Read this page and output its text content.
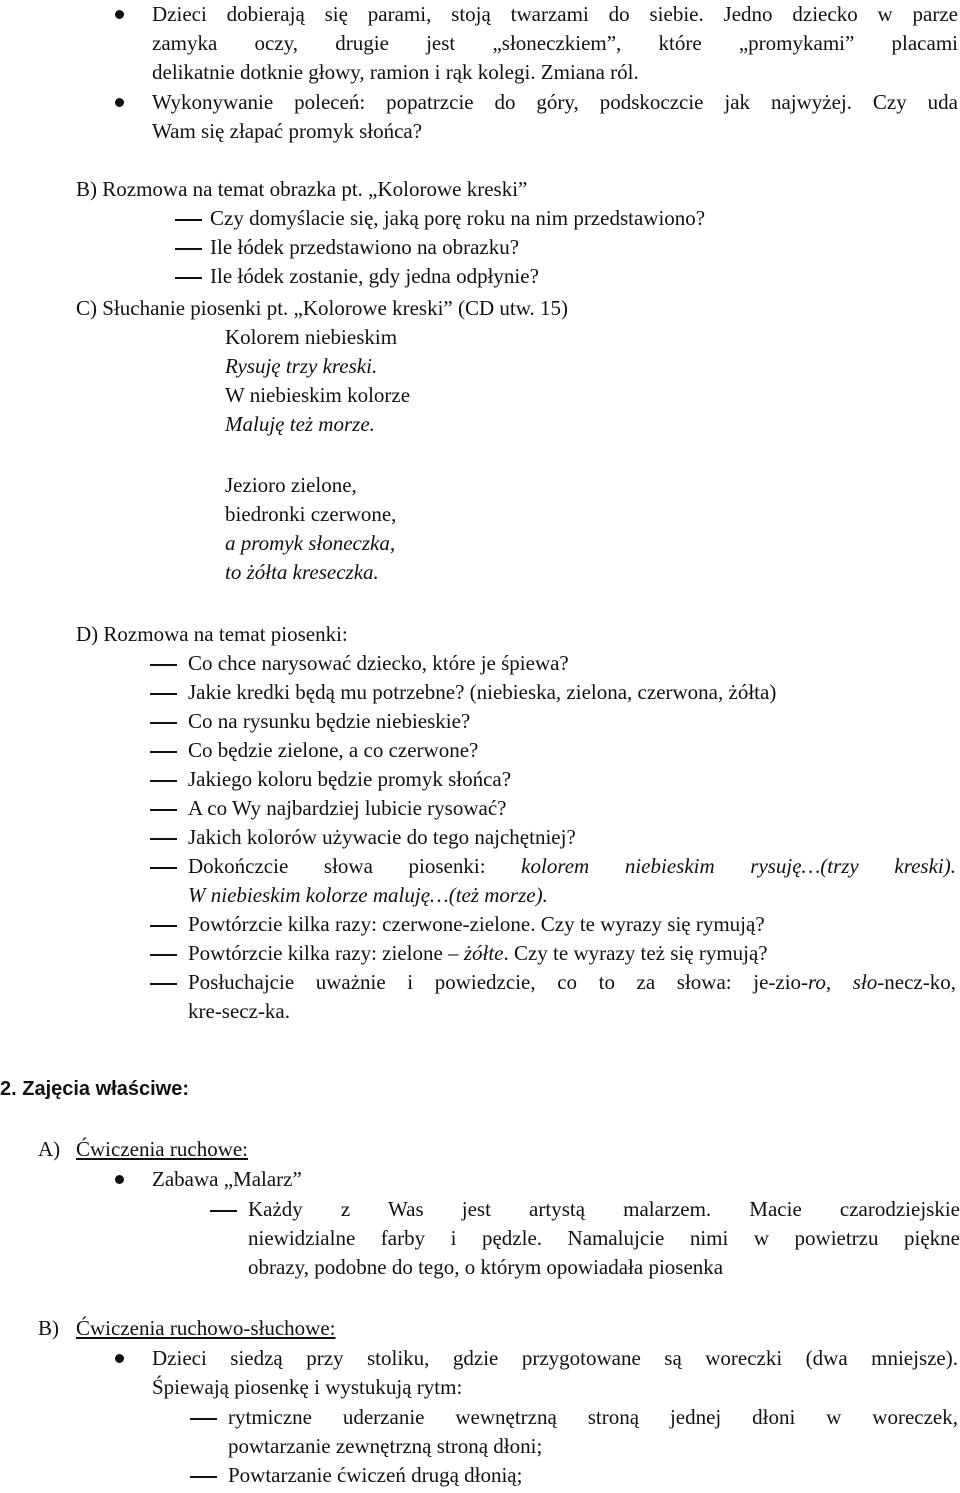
Dzieci dobierają się parami, stoją twarzami do siebie. Jedno dziecko w parze
zamyka oczy, drugie jest „słoneczkiem”, które „promykami” placami
delikatnie dotknie głowy, ramion i rąk kolegi. Zmiana ról.
Wykonywanie poleceń: popatrzcie do góry, podskoczcie jak najwyżej. Czy uda
Wam się złapać promyk słońca?
B) Rozmowa na temat obrazka pt. „Kolorowe kreski”
Czy domyślacie się, jaką porę roku na nim przedstawiono?
Ile łódek przedstawiono na obrazku?
Ile łódek zostanie, gdy jedna odpłynie?
C) Słuchanie piosenki pt. „Kolorowe kreski” (CD utw. 15)
Kolorem niebieskim
Rysuję trzy kreski.
W niebieskim kolorze
Maluję też morze.
Jezioro zielone,
biedronki czerwone,
a promyk słoneczka,
to żółta kreseczka.
D) Rozmowa na temat piosenki:
Co chce narysować dziecko, które je śpiewa?
Jakie kredki będą mu potrzebne? (niebieska, zielona, czerwona, żółta)
Co na rysunku będzie niebieskie?
Co będzie zielone, a co czerwone?
Jakiego koloru będzie promyk słońca?
A co Wy najbardziej lubicie rysować?
Jakich kolorów używacie do tego najchętniej?
Dokończcie słowa piosenki: kolorem niebieskim rysuję…(trzy kreski).
W niebieskim kolorze maluję…(też morze).
Powtórzcie kilka razy: czerwone-zielone. Czy te wyrazy się rymują?
Powtórzcie kilka razy: zielone – żółte. Czy te wyrazy też się rymują?
Posłuchajcie uważnie i powiedzcie, co to za słowa: je-zio-ro, sło-necz-ko,
kre-secz-ka.
2. Zajęcia właściwe:
A) Ćwiczenia ruchowe:
Zabawa „Malarz”
Każdy z Was jest artystą malarzem. Macie czarodziejskie
niewidzialne farby i pędzle. Namalujcie nimi w powietrzu piękne
obrazy, podobne do tego, o którym opowiadała piosenka
B) Ćwiczenia ruchowo-słuchowe:
Dzieci siedzą przy stoliku, gdzie przygotowane są woreczki (dwa mniejsze).
Śpiewają piosenkę i wystukują rytm:
rytmiczne uderzanie wewnętrzną stroną jednej dłoni w woreczek,
powtarzanie zewnętrzną stroną dłoni;
Powtarzanie ćwiczeń drugą dłonią;
